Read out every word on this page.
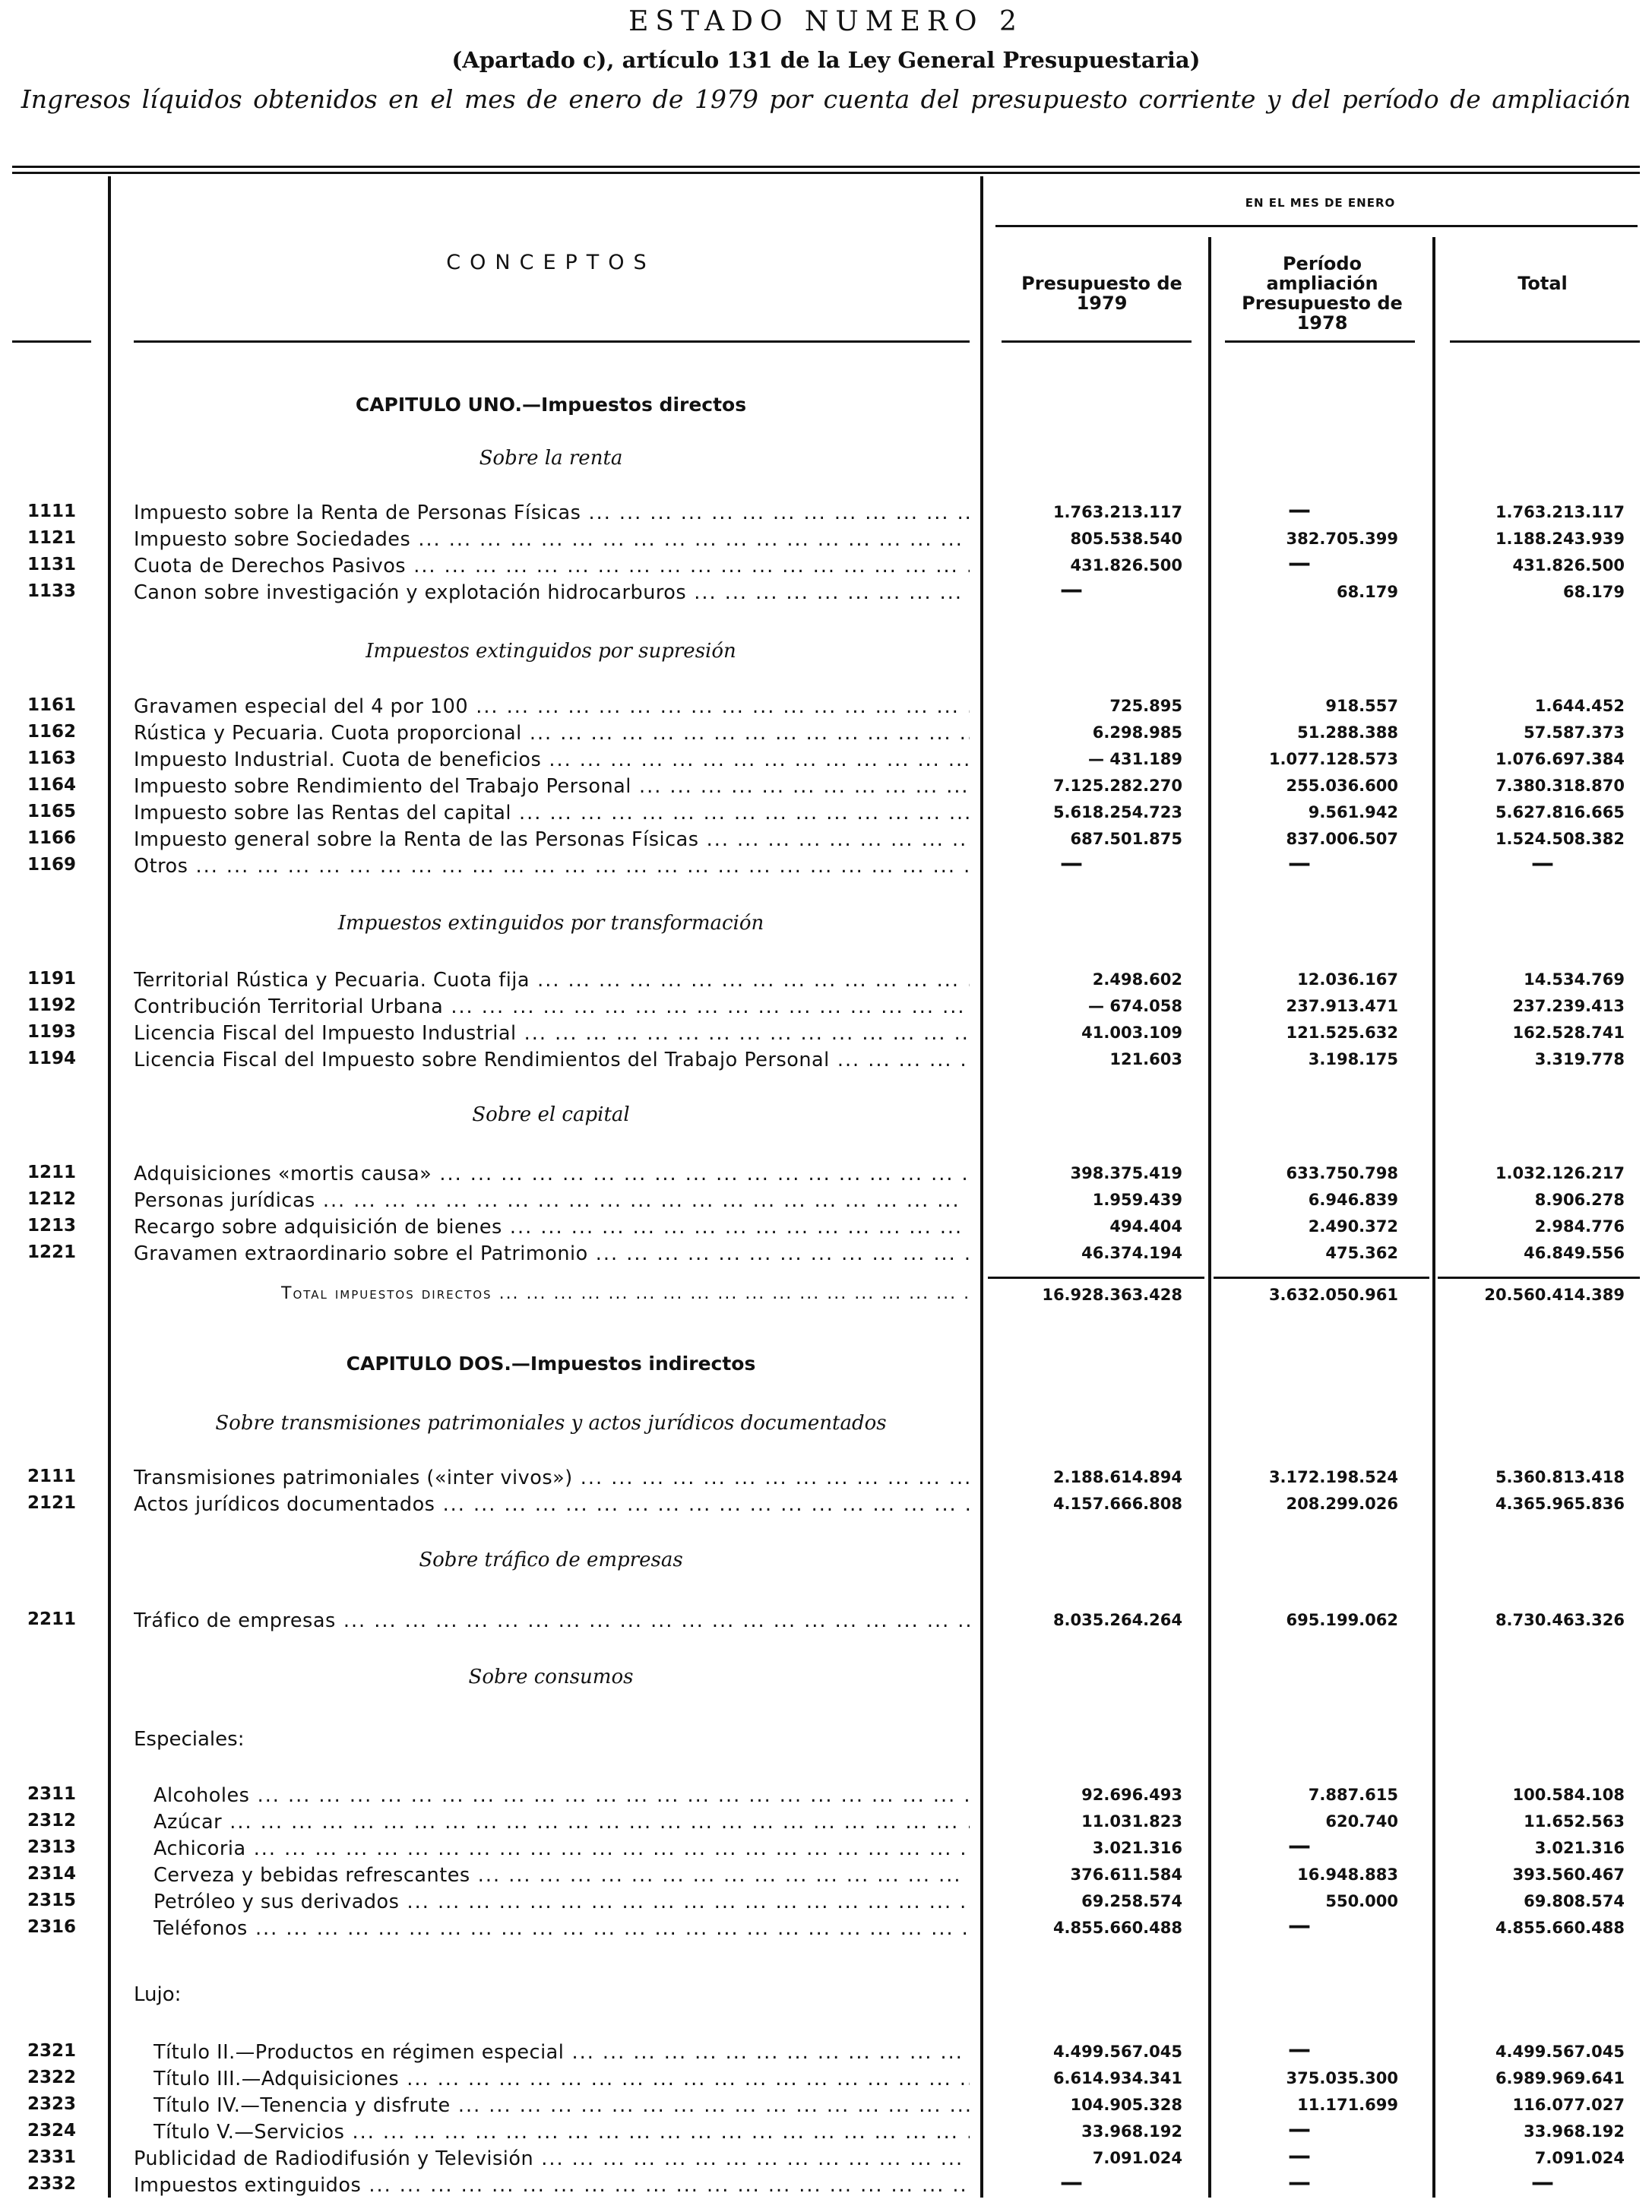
ESTADO NUMERO 2
(Apartado c), artículo 131 de la Ley General Presupuestaria)
Ingresos líquidos obtenidos en el mes de enero de 1979 por cuenta del presupuesto corriente y del período de ampliación
CONCEPTOS
EN EL MES DE ENERO
Presupuesto de 1979
Período ampliación Presupuesto de 1978
Total
CAPITULO UNO.—Impuestos directos
Sobre la renta
Impuestos extinguidos por supresión
Impuestos extinguidos por transformación
Sobre el capital
CAPITULO DOS.—Impuestos indirectos
Sobre transmisiones patrimoniales y actos jurídicos documentados
Sobre tráfico de empresas
Sobre consumos
Especiales:
Lujo:
1111	Impuesto sobre la Renta de Personas Físicas ... .	1.763.213.117	—	1.763.213.117
1121	Impuesto sobre Sociedades ... .	805.538.540	382.705.399	1.188.243.939
1131	Cuota de Derechos Pasivos ... .	431.826.500	—	431.826.500
1133	Canon sobre investigación y explotación hidrocarburos ... .	—	68.179	68.179
1161	Gravamen especial del 4 por 100 ... .	725.895	918.557	1.644.452
1162	Rústica y Pecuaria. Cuota proporcional ... .	6.298.985	51.288.388	57.587.373
1163	Impuesto Industrial. Cuota de beneficios ... .	— 431.189	1.077.128.573	1.076.697.384
1164	Impuesto sobre Rendimiento del Trabajo Personal ... .	7.125.282.270	255.036.600	7.380.318.870
1165	Impuesto sobre las Rentas del capital ... .	5.618.254.723	9.561.942	5.627.816.665
1166	Impuesto general sobre la Renta de las Personas Físicas ... .	687.501.875	837.006.507	1.524.508.382
1169	Otros ... .	—	—	—
1191	Territorial Rústica y Pecuaria. Cuota fija ... .	2.498.602	12.036.167	14.534.769
1192	Contribución Territorial Urbana ... .	— 674.058	237.913.471	237.239.413
1193	Licencia Fiscal del Impuesto Industrial ... .	41.003.109	121.525.632	162.528.741
1194	Licencia Fiscal del Impuesto sobre Rendimientos del Trabajo Personal ... .	121.603	3.198.175	3.319.778
1211	Adquisiciones «mortis causa» ... .	398.375.419	633.750.798	1.032.126.217
1212	Personas jurídicas ... .	1.959.439	6.946.839	8.906.278
1213	Recargo sobre adquisición de bienes ... .	494.404	2.490.372	2.984.776
1221	Gravamen extraordinario sobre el Patrimonio ... .	46.374.194	475.362	46.849.556
Total impuestos directos ... .	16.928.363.428	3.632.050.961	20.560.414.389
2111	Transmisiones patrimoniales («inter vivos») ... .	2.188.614.894	3.172.198.524	5.360.813.418
2121	Actos jurídicos documentados ... .	4.157.666.808	208.299.026	4.365.965.836
2211	Tráfico de empresas ... .	8.035.264.264	695.199.062	8.730.463.326
2311	Alcoholes ... .	92.696.493	7.887.615	100.584.108
2312	Azúcar ... .	11.031.823	620.740	11.652.563
2313	Achicoria ... .	3.021.316	—	3.021.316
2314	Cerveza y bebidas refrescantes ... .	376.611.584	16.948.883	393.560.467
2315	Petróleo y sus derivados ... .	69.258.574	550.000	69.808.574
2316	Teléfonos ... .	4.855.660.488	—	4.855.660.488
2321	Título II.—Productos en régimen especial ... .	4.499.567.045	—	4.499.567.045
2322	Título III.—Adquisiciones ... .	6.614.934.341	375.035.300	6.989.969.641
2323	Título IV.—Tenencia y disfrute ... .	104.905.328	11.171.699	116.077.027
2324	Título V.—Servicios ... .	33.968.192	—	33.968.192
2331	Publicidad de Radiodifusión y Televisión ... .	7.091.024	—	7.091.024
2332	Impuestos extinguidos ... .	—	—	—
